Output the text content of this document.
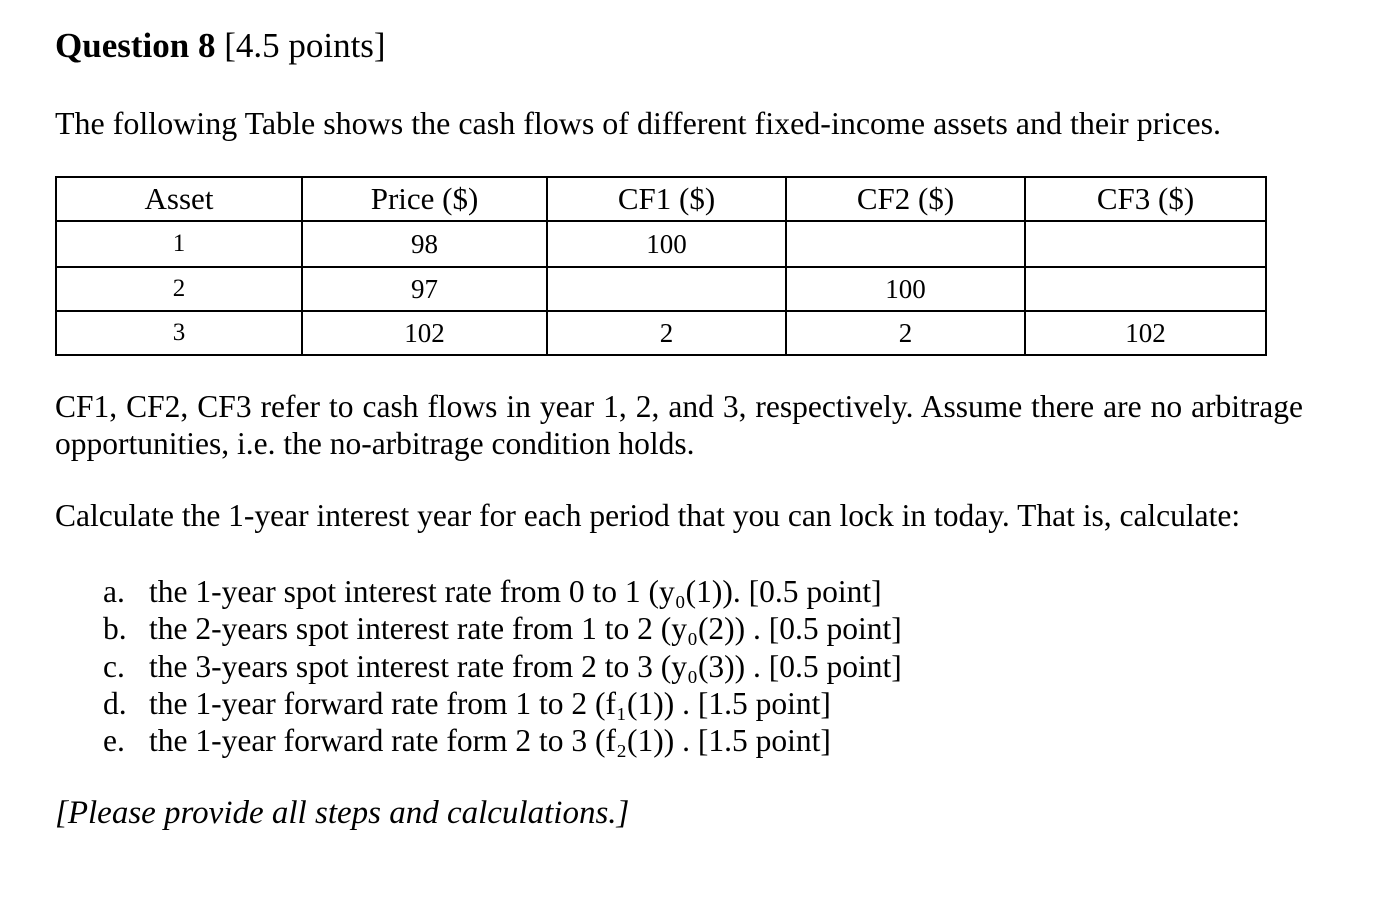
Question 8 [4.5 points]
The following Table shows the cash flows of different fixed-income assets and their prices.
Asset	Price ($)	CF1 ($)	CF2 ($)	CF3 ($)
1	98	100		
2	97		100	
3	102	2	2	102
CF1, CF2, CF3 refer to cash flows in year 1, 2, and 3, respectively. Assume there are no arbitrage opportunities, i.e. the no-arbitrage condition holds.
Calculate the 1-year interest year for each period that you can lock in today. That is, calculate:
a. the 1-year spot interest rate from 0 to 1 (y₀(1)). [0.5 point]
b. the 2-years spot interest rate from 1 to 2 (y₀(2)) . [0.5 point]
c. the 3-years spot interest rate from 2 to 3 (y₀(3)) . [0.5 point]
d. the 1-year forward rate from 1 to 2 (f₁(1)) . [1.5 point]
e. the 1-year forward rate form 2 to 3 (f₂(1)) . [1.5 point]
[Please provide all steps and calculations.]
